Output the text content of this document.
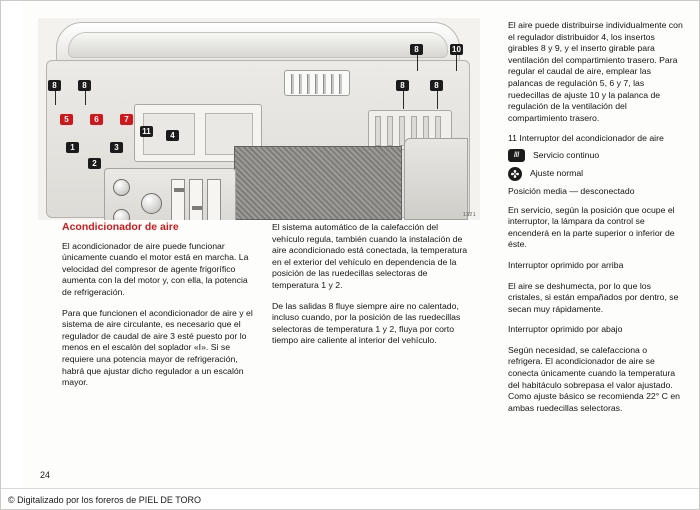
8	10
8	8	8	8
5	6	7
11
1
2
3
4
1321
Acondicionador de aire

El acondicionador de aire puede funcionar únicamente cuando el motor está en marcha. La velocidad del compresor de agente frigorífico aumenta con la del motor y, con ella, la potencia de refrigeración.

Para que funcionen el acondicionador de aire y el sistema de aire circulante, es necesario que el regulador de caudal de aire 3 esté puesto por lo menos en el escalón del soplador «I». Si se requiere una potencia mayor de refrigeración, habrá que ajustar dicho regulador a un escalón mayor.

El sistema automático de la calefacción del vehículo regula, también cuando la instalación de aire acondicionado está conectada, la temperatura en el exterior del vehículo en dependencia de la posición de las ruedecillas selectoras de temperatura 1 y 2.

De las salidas 8 fluye siempre aire no calentado, incluso cuando, por la posición de las ruedecillas selectoras de temperatura 1 y 2, fluya por corto tiempo aire caliente al interior del vehículo.

El aire puede distribuirse individualmente con el regulador distribuidor 4, los insertos girables 8 y 9, y el inserto girable para ventilación del compartimiento trasero. Para regular el caudal de aire, emplear las palancas de regulación 5, 6 y 7, las ruedecillas de ajuste 10 y la palanca de regulación de la ventilación del compartimiento trasero.

11 Interruptor del acondicionador de aire
///	Servicio continuo
Ajuste normal
Posición media — desconectado

En servicio, según la posición que ocupe el interruptor, la lámpara da control se encenderá en la parte superior o inferior de éste.

Interruptor oprimido por arriba

El aire se deshumecta, por lo que los cristales, si están empañados por dentro, se secan muy rápidamente.

Interruptor oprimido por abajo

Según necesidad, se calefacciona o refrigera. El acondicionador de aire se conecta únicamente cuando la temperatura del habitáculo sobrepasa el valor ajustado. Como ajuste básico se recomienda 22° C en ambas ruedecillas selectoras.

24
© Digitalizado por los foreros de PIEL DE TORO
